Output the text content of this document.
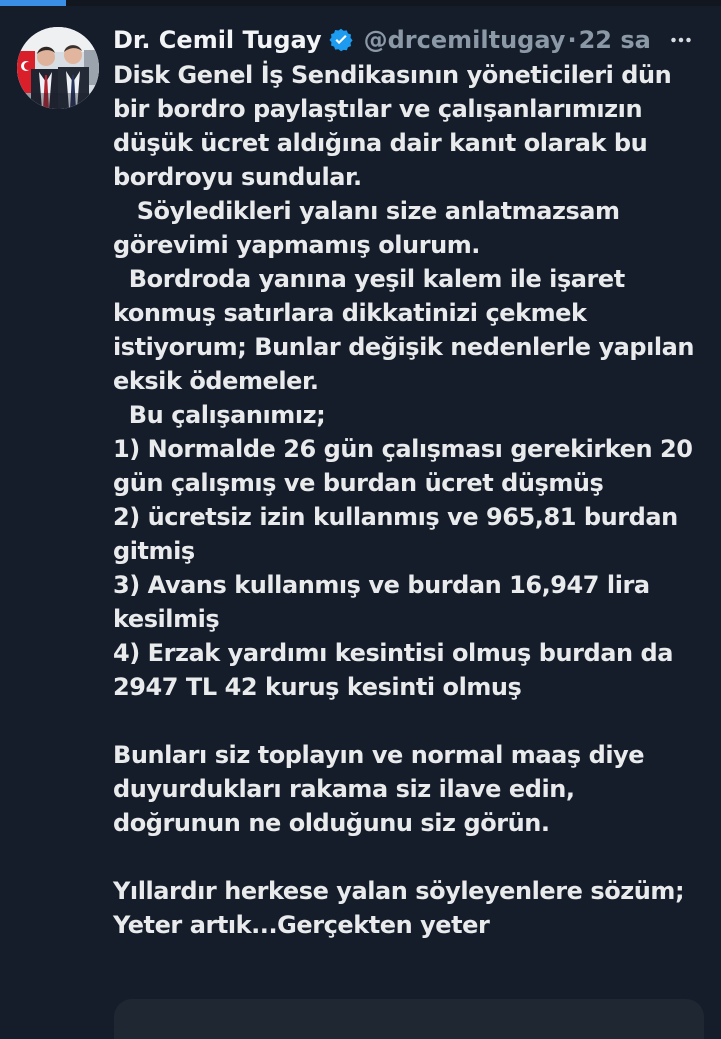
Dr. Cemil Tugay @drcemiltugay · 22 sa
Disk Genel İş Sendikasının yöneticileri dün
bir bordro paylaştılar ve çalışanlarımızın
düşük ücret aldığına dair kanıt olarak bu
bordroyu sundular.
Söyledikleri yalanı size anlatmazsam
görevimi yapmamış olurum.
Bordroda yanına yeşil kalem ile işaret
konmuş satırlara dikkatinizi çekmek
istiyorum; Bunlar değişik nedenlerle yapılan
eksik ödemeler.
Bu çalışanımız;
1) Normalde 26 gün çalışması gerekirken 20
gün çalışmış ve burdan ücret düşmüş
2) ücretsiz izin kullanmış ve 965,81 burdan
gitmiş
3) Avans kullanmış ve burdan 16,947 lira
kesilmiş
4) Erzak yardımı kesintisi olmuş burdan da
2947 TL 42 kuruş kesinti olmuş
Bunları siz toplayın ve normal maaş diye
duyurdukları rakama siz ilave edin,
doğrunun ne olduğunu siz görün.
Yıllardır herkese yalan söyleyenlere sözüm;
Yeter artık...Gerçekten yeter
